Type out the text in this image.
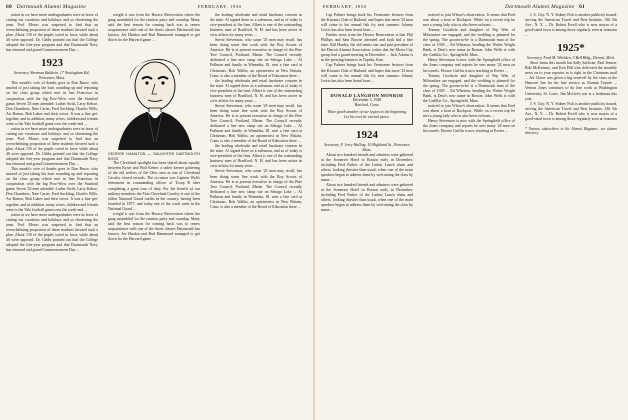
60 Dartmouth Alumni Magazine	FEBRUARY, 1950

ration in we have more undergraduates were in favor of cutting out vacations and holidays and so shortening the term. Prof. Moses was surprised to find that an overwhelming proportion of these students favored such a plan. About 150 of the pupils voted in favor while about 40 were opposed. Dr. Gibbs pointed out that the College adopted the five-year program and that Dartmouth Navy has returned and grand Commencement Day ...

1923
Secretary, Sherman Baldwin, 17 Nottingham Rd., Worcester, Mass.

This month's vote of thanks goes to Dan Bruce, who instead of just taking the boat rounding up and reporting on the class group which met in San Francisco in conjunction with the big Pow-Wow over the Stanford game. Seven '23 men attended: Luther Swift, Larry Kehoe, Don Chambers, Nate Carter, Fred Suckling, Charles Wills, Art Barton, Bob Lukes and their wives. It was a fine get-together, and in addition, many wives, children and friends went to the Yale football game over the week-end ...

ration in we have more undergraduates were in favor of cutting out vacations and holidays and so shortening the term. Prof. Moses was surprised to find that an overwhelming proportion of these students favored such a plan. About 150 of the pupils voted in favor while about 40 were opposed. Dr. Gibbs pointed out that the College adopted the five-year program and that Dartmouth Navy has returned and grand Commencement Day ...

This month's vote of thanks goes to Dan Bruce, who instead of just taking the boat rounding up and reporting on the class group which met in San Francisco in conjunction with the big Pow-Wow over the Stanford game. Seven '23 men attended: Luther Swift, Larry Kehoe, Don Chambers, Nate Carter, Fred Suckling, Charles Wills, Art Barton, Bob Lukes and their wives. It was a fine get-together, and in addition, many wives, children and friends went to the Yale football game over the week-end ...

ration in we have more undergraduates were in favor of cutting out vacations and holidays and so shortening the term. Prof. Moses was surprised to find that an overwhelming proportion of these students favored such a plan. About 150 of the pupils voted in favor while about 40 were opposed. Dr. Gibbs pointed out that the College adopted the five-year program and that Dartmouth Navy has returned and grand Commencement Day ...

weight it was from the Horace Reservation where the gang assembled for the reunion party and roundup. Many said the best reason for coming back was to renew acquaintance with one of the finest classes Dartmouth has known. Joe Hanlon and Bud Hammond managed to get down for the Harvard game ...

GEORGE HAMILTON — DAUGHTER DARTMOUTH BOSS

The Cleveland spotlight has been shared about equally between Kyser and Walt Keene, a rather keener gathering of the old settlers of the Ohio area as one of Cleveland Cavalry closed records. The occasion was Captain Walt's retirement as commanding officer of Troop B after completing a great tour of duty. For the benefit of our military members the First Cleveland Cavalry is one of the oldest National Guard outfits in the country, having been founded in 1877, and today one of the crack units in the National Guard ...

weight it was from the Horace Reservation where the gang assembled for the reunion party and roundup. Many said the best reason for coming back was to renew acquaintance with one of the finest classes Dartmouth has known. Joe Hanlon and Bud Hammond managed to get down for the Harvard game ...

the leading wholesale and retail hardware concern in the state. Al signed there as a salesman, and as of today is vice-president of the firm. Albert is one of the outstanding business men of Bradford, N. H. and has been active in civic affairs for many years ...

Stevie Stevenson, who some '23 men may recall, has been doing some fine work with the Boy Scouts of America. He is at present executive in charge of the Pine Tree Council, Portland, Maine. The Council recently dedicated a fine new camp site on Sebago Lake ... Al Pullman and family in Winnetka, Ill. sent a fine card at Christmas. Bob Wallin, an optometrist in New Britain, Conn. is also a member of the Board of Education there ...

the leading wholesale and retail hardware concern in the state. Al signed there as a salesman, and as of today is vice-president of the firm. Albert is one of the outstanding business men of Bradford, N. H. and has been active in civic affairs for many years ...

Stevie Stevenson, who some '23 men may recall, has been doing some fine work with the Boy Scouts of America. He is at present executive in charge of the Pine Tree Council, Portland, Maine. The Council recently dedicated a fine new camp site on Sebago Lake ... Al Pullman and family in Winnetka, Ill. sent a fine card at Christmas. Bob Wallin, an optometrist in New Britain, Conn. is also a member of the Board of Education there ...

the leading wholesale and retail hardware concern in the state. Al signed there as a salesman, and as of today is vice-president of the firm. Albert is one of the outstanding business men of Bradford, N. H. and has been active in civic affairs for many years ...

Stevie Stevenson, who some '23 men may recall, has been doing some fine work with the Boy Scouts of America. He is at present executive in charge of the Pine Tree Council, Portland, Maine. The Council recently dedicated a fine new camp site on Sebago Lake ... Al Pullman and family in Winnetka, Ill. sent a fine card at Christmas. Bob Wallin, an optometrist in New Britain, Conn. is also a member of the Board of Education there ...

FEBRUARY, 1950	Dartmouth Alumni Magazine 61

Cap Palmer brings back his Vermonter lectures from the Kiwanis Club of Rutland, and hopes that more '23 men will come to his annual fish fry next summer. Johnny Lewis has also been heard from ...

Further news from the Horace Reservation is that Phil Phillips and Sam Bowne attended and both had a fine time. Bill Hanley, the old tennis star and past president of the Detroit Alumni Association, writes that the Motor City group had a grand meeting in December ... Jack Adams is in the pressing business in Topeka, Kan.

Cap Palmer brings back his Vermonter lectures from the Kiwanis Club of Rutland, and hopes that more '23 men will come to his annual fish fry next summer. Johnny Lewis has also been heard from ...

DONALD LANGDON MONROE
December 3, 1948
Hartford, Conn.
Thine goeth another of our legion to the beginning. Let his ever be eternal peace.
1924
Secretary, F. Jerry Walling, 10 Highland St., Worcester, Mass.

About two hundred friends and admirers were gathered at the Somerset Hotel in Boston early in December, including Fred Parker of the Larkin Lunch chain and others, looking thirstier than usual, when one of the main speakers began to address them by welcoming the class by name ...

About two hundred friends and admirers were gathered at the Somerset Hotel in Boston early in December, including Fred Parker of the Larkin Lunch chain and others, looking thirstier than usual, when one of the main speakers began to address them by welcoming the class by name ...

noticed to join Whose's observation. It seems that Fred was about a boat at Rockport. While on a recent trip he met a young lady who is also keen on boats ...

Tommy Goodwin and daughter of Pep Weir of Milwaukee are engaged, and the wedding is planned for the spring. The groom-to-be is a Dartmouth man of the class of 1949 ... Ed Wheaton, heading the Walter Wright Bank, is Dear's new name in Boston. John Wells is with the Cadillac Co., Springfield, Mass.

Henry Stevenson is now with the Springfield office of the Jones company and reports he sees many '24 men on his travels. Horace Griffin is now teaching at Exeter ...

Tommy Goodwin and daughter of Pep Weir of Milwaukee are engaged, and the wedding is planned for the spring. The groom-to-be is a Dartmouth man of the class of 1949 ... Ed Wheaton, heading the Walter Wright Bank, is Dear's new name in Boston. John Wells is with the Cadillac Co., Springfield, Mass.

noticed to join Whose's observation. It seems that Fred was about a boat at Rockport. While on a recent trip he met a young lady who is also keen on boats ...

Henry Stevenson is now with the Springfield office of the Jones company and reports he sees many '24 men on his travels. Horace Griffin is now teaching at Exeter ...

J. S. City, N. Y. Sidney Fish is another publicity hound, serving the American Travel and Rest Institute, 336 5th Ave., N. Y. ... Dr. Robert Ewell who is now mayor of a good-sized town is among those regularly seen at reunions ...

1925*
Secretary, Ford M. Whelden, 5 Bell Bldg., Detroit, Mich.

Short items this month but Sally Sullivan, Paul Jenson, Bob McKenney, and Ken Hill who delivered the monthly news on to your reporter as is right in the Christmas mail ... Joe Chase was given a big send-off by the class at the Hanover Inn for his fine service as Alumni Trustee ... Vernon Jones continues to do fine work at Washington University, St. Louis. Jim McGee's son is a freshman this year.

J. S. City, N. Y. Sidney Fish is another publicity hound, serving the American Travel and Rest Institute, 336 5th Ave., N. Y. ... Dr. Robert Ewell who is now mayor of a good-sized town is among those regularly seen at reunions ...

* Tumors, subscribers to the Alumni Magazine, see alumni directory.
